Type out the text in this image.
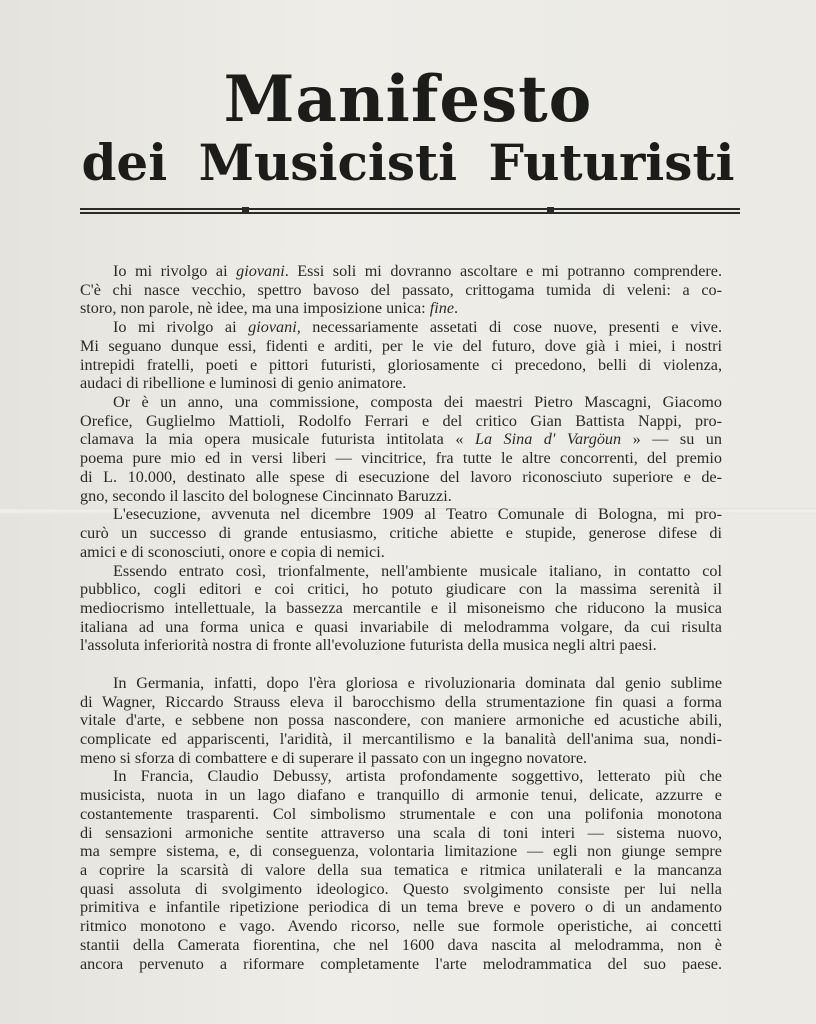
Manifesto
dei Musicisti Futuristi
Io mi rivolgo ai giovani. Essi soli mi dovranno ascoltare e mi potranno comprendere.
C'è chi nasce vecchio, spettro bavoso del passato, crittogama tumida di veleni: a co-
storo, non parole, nè idee, ma una imposizione unica: fine.
Io mi rivolgo ai giovani, necessariamente assetati di cose nuove, presenti e vive.
Mi seguano dunque essi, fidenti e arditi, per le vie del futuro, dove già i miei, i nostri
intrepidi fratelli, poeti e pittori futuristi, gloriosamente ci precedono, belli di violenza,
audaci di ribellione e luminosi di genio animatore.
Or è un anno, una commissione, composta dei maestri Pietro Mascagni, Giacomo
Orefice, Guglielmo Mattioli, Rodolfo Ferrari e del critico Gian Battista Nappi, pro-
clamava la mia opera musicale futurista intitolata « La Sina d' Vargöun » — su un
poema pure mio ed in versi liberi — vincitrice, fra tutte le altre concorrenti, del premio
di L. 10.000, destinato alle spese di esecuzione del lavoro riconosciuto superiore e de-
gno, secondo il lascito del bolognese Cincinnato Baruzzi.
L'esecuzione, avvenuta nel dicembre 1909 al Teatro Comunale di Bologna, mi pro-
curò un successo di grande entusiasmo, critiche abiette e stupide, generose difese di
amici e di sconosciuti, onore e copia di nemici.
Essendo entrato così, trionfalmente, nell'ambiente musicale italiano, in contatto col
pubblico, cogli editori e coi critici, ho potuto giudicare con la massima serenità il
mediocrismo intellettuale, la bassezza mercantile e il misoneismo che riducono la musica
italiana ad una forma unica e quasi invariabile di melodramma volgare, da cui risulta
l'assoluta inferiorità nostra di fronte all'evoluzione futurista della musica negli altri paesi.
In Germania, infatti, dopo l'èra gloriosa e rivoluzionaria dominata dal genio sublime
di Wagner, Riccardo Strauss eleva il barocchismo della strumentazione fin quasi a forma
vitale d'arte, e sebbene non possa nascondere, con maniere armoniche ed acustiche abili,
complicate ed appariscenti, l'aridità, il mercantilismo e la banalità dell'anima sua, nondi-
meno si sforza di combattere e di superare il passato con un ingegno novatore.
In Francia, Claudio Debussy, artista profondamente soggettivo, letterato più che
musicista, nuota in un lago diafano e tranquillo di armonie tenui, delicate, azzurre e
costantemente trasparenti. Col simbolismo strumentale e con una polifonia monotona
di sensazioni armoniche sentite attraverso una scala di toni interi — sistema nuovo,
ma sempre sistema, e, di conseguenza, volontaria limitazione — egli non giunge sempre
a coprire la scarsità di valore della sua tematica e ritmica unilaterali e la mancanza
quasi assoluta di svolgimento ideologico. Questo svolgimento consiste per lui nella
primitiva e infantile ripetizione periodica di un tema breve e povero o di un andamento
ritmico monotono e vago. Avendo ricorso, nelle sue formole operistiche, ai concetti
stantii della Camerata fiorentina, che nel 1600 dava nascita al melodramma, non è
ancora pervenuto a riformare completamente l'arte melodrammatica del suo paese.
